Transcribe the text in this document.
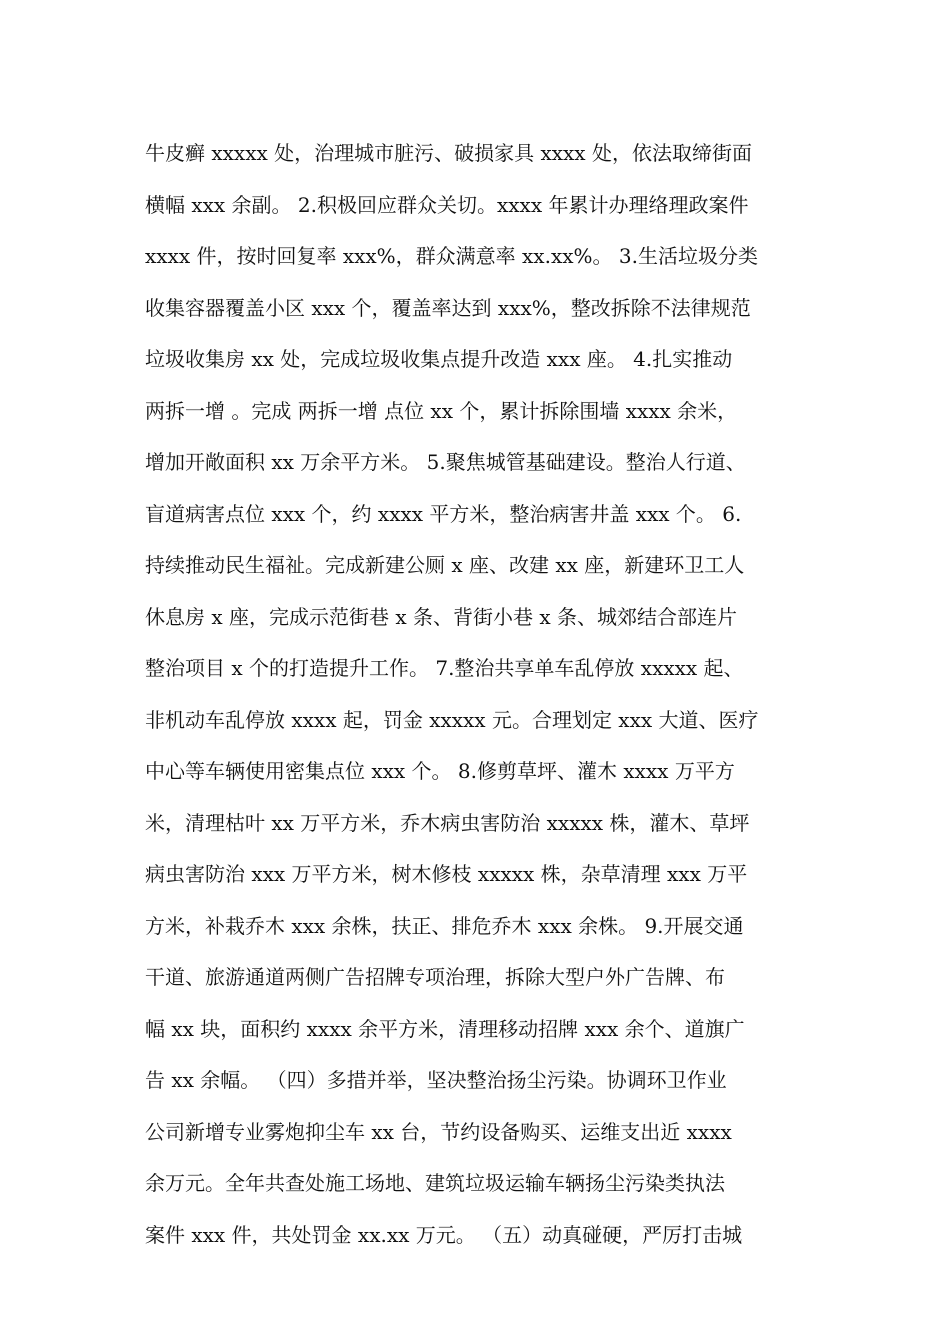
牛皮癣 xxxxx 处，治理城市脏污、破损家具 xxxx 处，依法取缔街面
横幅 xxx 余副。 2.积极回应群众关切。xxxx 年累计办理络理政案件
xxxx 件，按时回复率 xxx%，群众满意率 xx.xx%。 3.生活垃圾分类
收集容器覆盖小区 xxx 个，覆盖率达到 xxx%，整改拆除不法律规范
垃圾收集房 xx 处，完成垃圾收集点提升改造 xxx 座。 4.扎实推动
两拆一增 。完成 两拆一增 点位 xx 个，累计拆除围墙 xxxx 余米，
增加开敞面积 xx 万余平方米。 5.聚焦城管基础建设。整治人行道、
盲道病害点位 xxx 个，约 xxxx 平方米，整治病害井盖 xxx 个。 6.
持续推动民生福祉。完成新建公厕 x 座、改建 xx 座，新建环卫工人
休息房 x 座，完成示范街巷 x 条、背街小巷 x 条、城郊结合部连片
整治项目 x 个的打造提升工作。 7.整治共享单车乱停放 xxxxx 起、
非机动车乱停放 xxxx 起，罚金 xxxxx 元。合理划定 xxx 大道、医疗
中心等车辆使用密集点位 xxx 个。 8.修剪草坪、灌木 xxxx 万平方
米，清理枯叶 xx 万平方米，乔木病虫害防治 xxxxx 株，灌木、草坪
病虫害防治 xxx 万平方米，树木修枝 xxxxx 株，杂草清理 xxx 万平
方米，补栽乔木 xxx 余株，扶正、排危乔木 xxx 余株。 9.开展交通
干道、旅游通道两侧广告招牌专项治理，拆除大型户外广告牌、布
幅 xx 块，面积约 xxxx 余平方米，清理移动招牌 xxx 余个、道旗广
告 xx 余幅。 （四）多措并举，坚决整治扬尘污染。协调环卫作业
公司新增专业雾炮抑尘车 xx 台，节约设备购买、运维支出近 xxxx
余万元。全年共查处施工场地、建筑垃圾运输车辆扬尘污染类执法
案件 xxx 件，共处罚金 xx.xx 万元。 （五）动真碰硬，严厉打击城
